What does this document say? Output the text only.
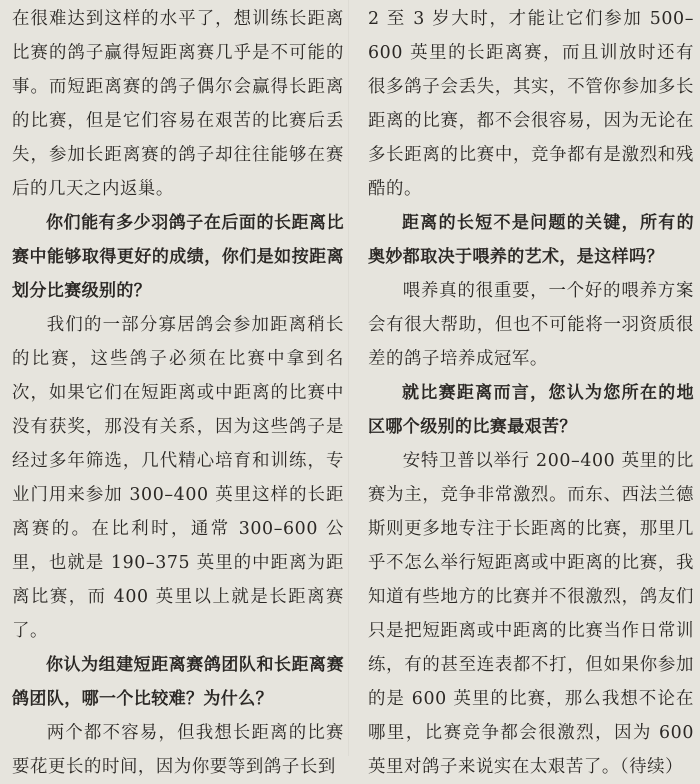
在很难达到这样的水平了，想训练长距离比赛的鸽子赢得短距离赛几乎是不可能的事。而短距离赛的鸽子偶尔会赢得长距离的比赛，但是它们容易在艰苦的比赛后丢失，参加长距离赛的鸽子却往往能够在赛后的几天之内返巢。

你们能有多少羽鸽子在后面的长距离比赛中能够取得更好的成绩，你们是如按距离划分比赛级别的？

我们的一部分寡居鸽会参加距离稍长的比赛，这些鸽子必须在比赛中拿到名次，如果它们在短距离或中距离的比赛中没有获奖，那没有关系，因为这些鸽子是经过多年筛选，几代精心培育和训练，专业门用来参加 300–400 英里这样的长距离赛的。在比利时，通常 300–600 公里，也就是 190–375 英里的中距离为距离比赛，而 400 英里以上就是长距离赛了。

你认为组建短距离赛鸽团队和长距离赛鸽团队，哪一个比较难？为什么？

两个都不容易，但我想长距离的比赛要花更长的时间，因为你要等到鸽子长到

2 至 3 岁大时，才能让它们参加 500–600 英里的长距离赛，而且训放时还有很多鸽子会丢失，其实，不管你参加多长距离的比赛，都不会很容易，因为无论在多长距离的比赛中，竞争都有是激烈和残酷的。

距离的长短不是问题的关键，所有的奥妙都取决于喂养的艺术，是这样吗？

喂养真的很重要，一个好的喂养方案会有很大帮助，但也不可能将一羽资质很差的鸽子培养成冠军。

就比赛距离而言，您认为您所在的地区哪个级别的比赛最艰苦？

安特卫普以举行 200–400 英里的比赛为主，竞争非常激烈。而东、西法兰德斯则更多地专注于长距离的比赛，那里几乎不怎么举行短距离或中距离的比赛，我知道有些地方的比赛并不很激烈，鸽友们只是把短距离或中距离的比赛当作日常训练，有的甚至连表都不打，但如果你参加的是 600 英里的比赛，那么我想不论在哪里，比赛竞争都会很激烈，因为 600 英里对鸽子来说实在太艰苦了。（待续）
